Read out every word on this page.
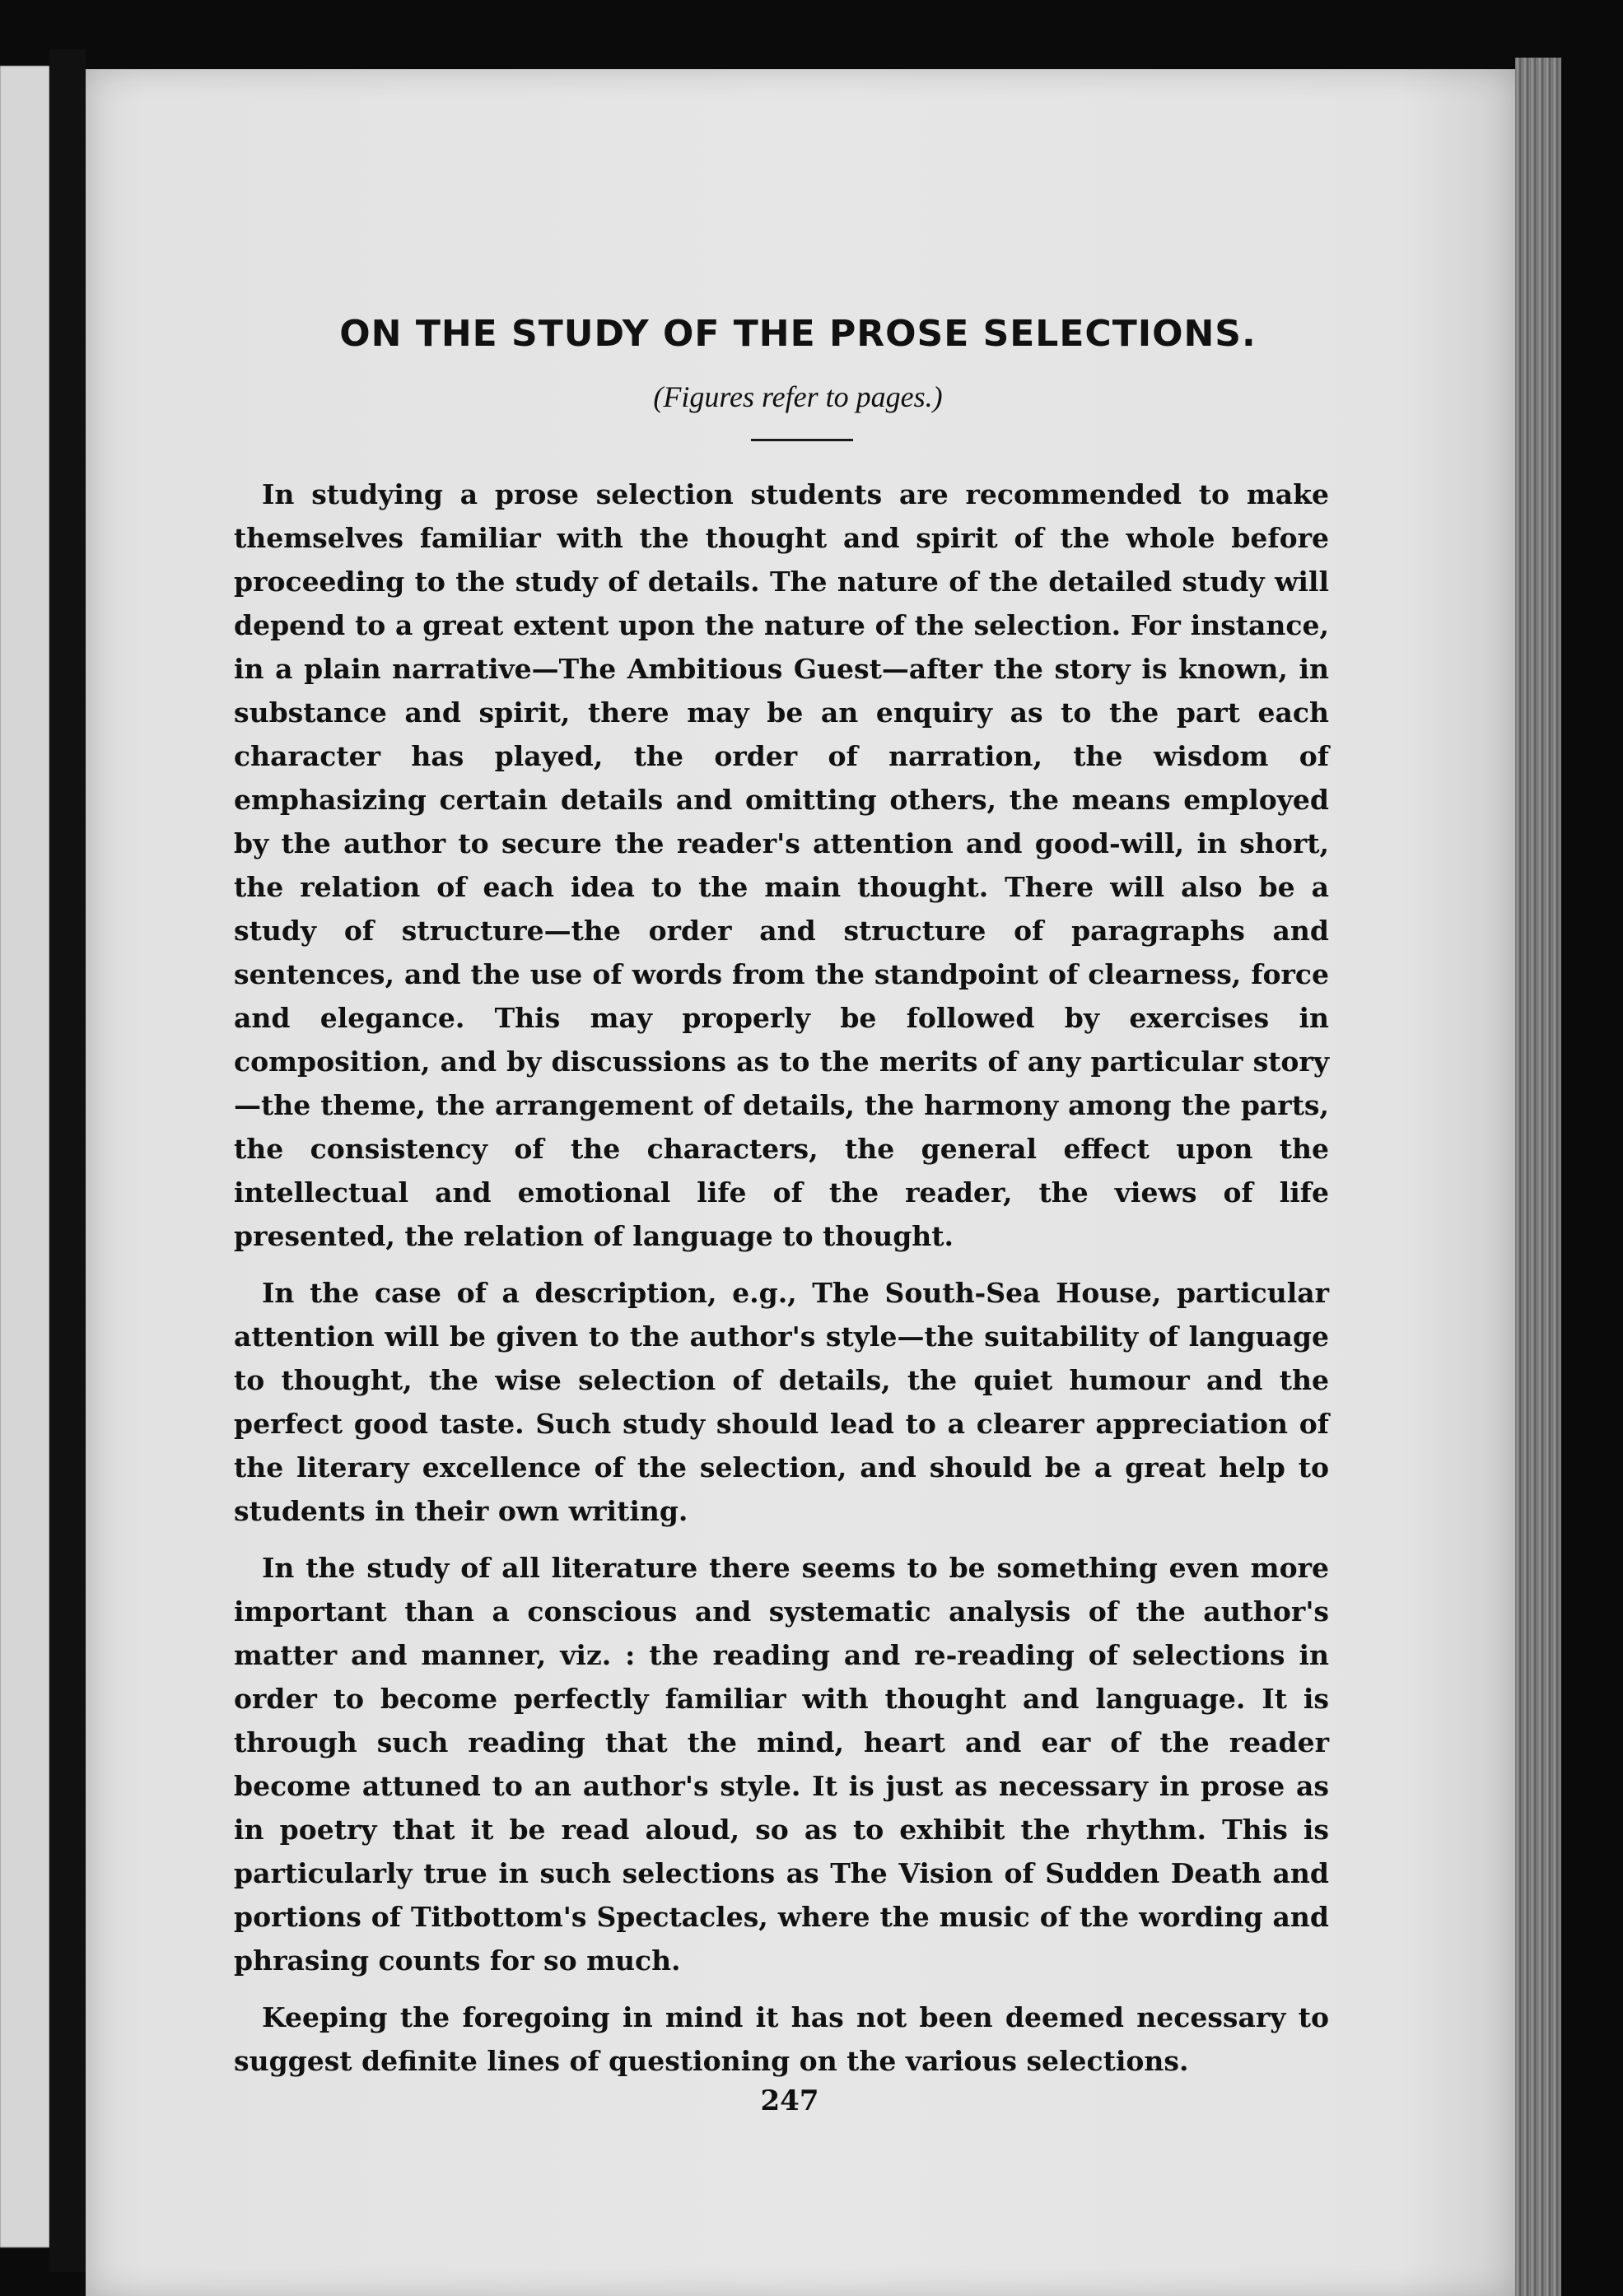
ON THE STUDY OF THE PROSE SELECTIONS.
(Figures refer to pages.)

In studying a prose selection students are recommended to make themselves familiar with the thought and spirit of the whole before proceeding to the study of details. The nature of the detailed study will depend to a great extent upon the nature of the selection. For instance, in a plain narrative—The Ambitious Guest—after the story is known, in substance and spirit, there may be an enquiry as to the part each character has played, the order of narration, the wisdom of emphasizing certain details and omitting others, the means employed by the author to secure the reader's attention and good-will, in short, the relation of each idea to the main thought. There will also be a study of structure—the order and structure of paragraphs and sentences, and the use of words from the standpoint of clearness, force and elegance. This may properly be followed by exercises in composition, and by discussions as to the merits of any particular story—the theme, the arrangement of details, the harmony among the parts, the consistency of the characters, the general effect upon the intellectual and emotional life of the reader, the views of life presented, the relation of language to thought.

In the case of a description, e.g., The South-Sea House, particular attention will be given to the author's style—the suitability of language to thought, the wise selection of details, the quiet humour and the perfect good taste. Such study should lead to a clearer appreciation of the literary excellence of the selection, and should be a great help to students in their own writing.

In the study of all literature there seems to be something even more important than a conscious and systematic analysis of the author's matter and manner, viz. : the reading and re-reading of selections in order to become perfectly familiar with thought and language. It is through such reading that the mind, heart and ear of the reader become attuned to an author's style. It is just as necessary in prose as in poetry that it be read aloud, so as to exhibit the rhythm. This is particularly true in such selections as The Vision of Sudden Death and portions of Titbottom's Spectacles, where the music of the wording and phrasing counts for so much.

Keeping the foregoing in mind it has not been deemed necessary to suggest definite lines of questioning on the various selections.

247
